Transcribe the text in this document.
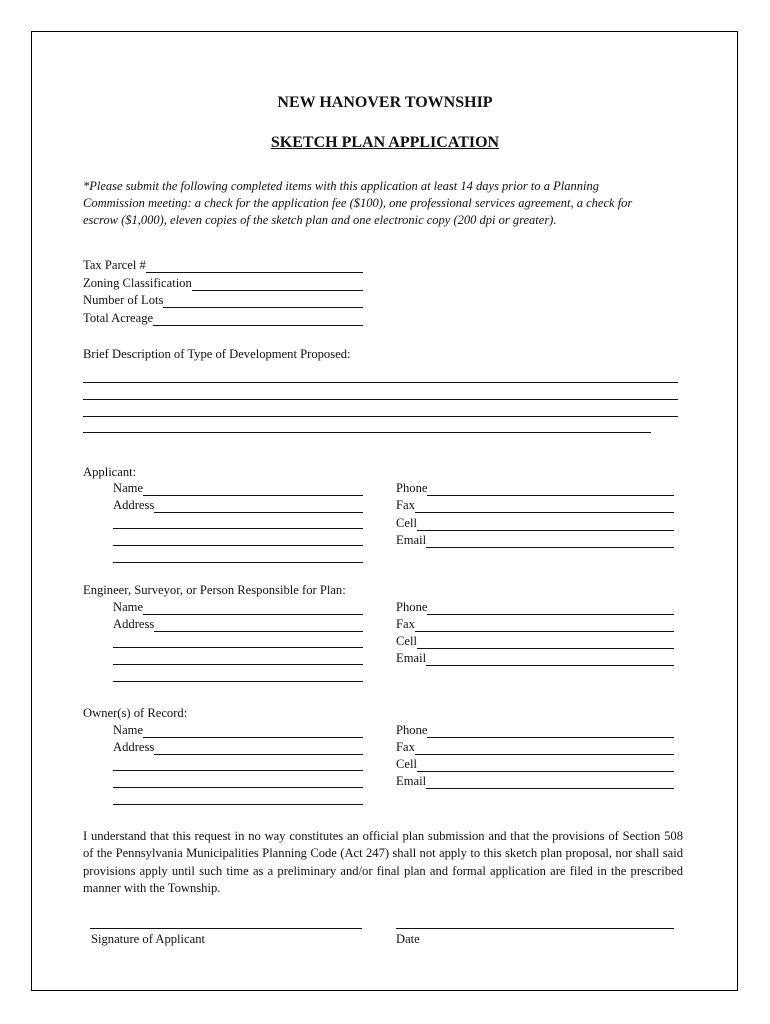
NEW HANOVER TOWNSHIP
SKETCH PLAN APPLICATION
*Please submit the following completed items with this application at least 14 days prior to a Planning Commission meeting: a check for the application fee ($100), one professional services agreement, a check for escrow ($1,000), eleven copies of the sketch plan and one electronic copy (200 dpi or greater).
Tax Parcel #
Zoning Classification
Number of Lots
Total Acreage
Brief Description of Type of Development Proposed:
Applicant:
Name
Address
Phone
Fax
Cell
Email
Engineer, Surveyor, or Person Responsible for Plan:
Name
Address
Phone
Fax
Cell
Email
Owner(s) of Record:
Name
Address
Phone
Fax
Cell
Email
I understand that this request in no way constitutes an official plan submission and that the provisions of Section 508 of the Pennsylvania Municipalities Planning Code (Act 247) shall not apply to this sketch plan proposal, nor shall said provisions apply until such time as a preliminary and/or final plan and formal application are filed in the prescribed manner with the Township.
Signature of Applicant	Date
